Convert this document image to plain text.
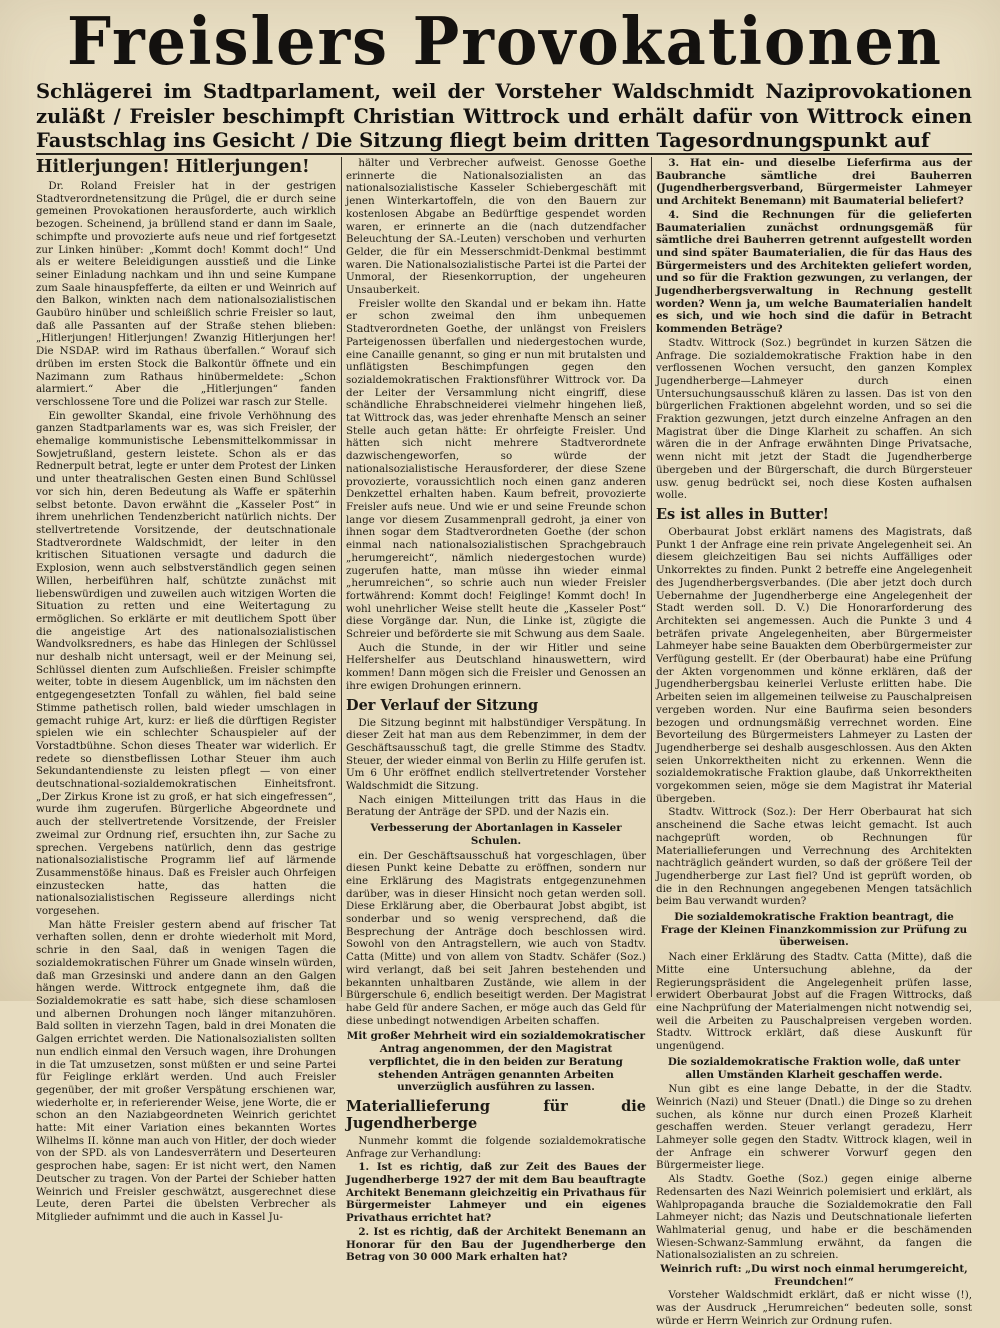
Freislers Provokationen
Schlägerei im Stadtparlament, weil der Vorsteher Waldschmidt Naziprovokationen zuläßt / Freisler beschimpft Christian Wittrock und erhält dafür von Wittrock einen Faustschlag ins Gesicht / Die Sitzung fliegt beim dritten Tagesordnungspunkt auf
Hitlerjungen! Hitlerjungen!

Dr. Roland Freisler hat in der gestrigen Stadtverordnetensitzung die Prügel, die er durch seine gemeinen Provokationen herausforderte, auch wirklich bezogen. Scheinend, ja brüllend stand er dann im Saale, schimpfte und provozierte aufs neue und rief fortgesetzt zur Linken hinüber: „Kommt doch! Kommt doch!“ Und als er weitere Beleidigungen ausstieß und die Linke seiner Einladung nachkam und ihn und seine Kumpane zum Saale hinauspfefferte, da eilten er und Weinrich auf den Balkon, winkten nach dem nationalsozialistischen Gaubüro hinüber und schleißlich schrie Freisler so laut, daß alle Passanten auf der Straße stehen blieben: „Hitlerjungen! Hitlerjungen! Zwanzig Hitlerjungen her! Die NSDAP. wird im Rathaus überfallen.“ Worauf sich drüben im ersten Stock die Balkontür öffnete und ein Nazimann zum Rathaus hinübermeldete: „Schon alarmiert.“ Aber die „Hitlerjungen“ fanden verschlossene Tore und die Polizei war rasch zur Stelle.

Ein gewollter Skandal, eine frivole Verhöhnung des ganzen Stadtparlaments war es, was sich Freisler, der ehemalige kommunistische Lebensmittelkommissar in Sowjetrußland, gestern leistete. Schon als er das Rednerpult betrat, legte er unter dem Protest der Linken und unter theatralischen Gesten einen Bund Schlüssel vor sich hin, deren Bedeutung als Waffe er späterhin selbst betonte. Davon erwähnt die „Kasseler Post“ in ihrem unehrlichen Tendenzbericht natürlich nichts. Der stellvertretende Vorsitzende, der deutschnationale Stadtverordnete Waldschmidt, der leiter in den kritischen Situationen versagte und dadurch die Explosion, wenn auch selbstverständlich gegen seinen Willen, herbeiführen half, schützte zunächst mit liebenswürdigen und zuweilen auch witzigen Worten die Situation zu retten und eine Weitertagung zu ermöglichen. So erklärte er mit deutlichem Spott über die angeistige Art des nationalsozialistischen Wandvolksredners, es habe das Hinlegen der Schlüssel nur deshalb nicht untersagt, weil er der Meinung sei, Schlüssel dienten zum Aufschließen. Freisler schimpfte weiter, tobte in diesem Augenblick, um im nächsten den entgegengesetzten Tonfall zu wählen, fiel bald seine Stimme pathetisch rollen, bald wieder umschlagen in gemacht ruhige Art, kurz: er ließ die dürftigen Register spielen wie ein schlechter Schauspieler auf der Vorstadtbühne. Schon dieses Theater war widerlich. Er redete so dienstbeflissen Lothar Steuer ihm auch Sekundantendienste zu leisten pflegt — von einer deutschnational-sozialdemokratischen Einheitsfront. „Der Zirkus Krone ist zu groß, er hat sich eingefressen“, wurde ihm zugerufen. Bürgerliche Abgeordnete und auch der stellvertretende Vorsitzende, der Freisler zweimal zur Ordnung rief, ersuchten ihn, zur Sache zu sprechen. Vergebens natürlich, denn das gestrige nationalsozialistische Programm lief auf lärmende Zusammenstöße hinaus. Daß es Freisler auch Ohrfeigen einzustecken hatte, das hatten die nationalsozialistischen Regisseure allerdings nicht vorgesehen.

Man hätte Freisler gestern abend auf frischer Tat verhaften sollen, denn er drohte wiederholt mit Mord, schrie in den Saal, daß in wenigen Tagen die sozialdemokratischen Führer um Gnade winseln würden, daß man Grzesinski und andere dann an den Galgen hängen werde. Wittrock entgegnete ihm, daß die Sozialdemokratie es satt habe, sich diese schamlosen und albernen Drohungen noch länger mitanzuhören. Bald sollten in vierzehn Tagen, bald in drei Monaten die Galgen errichtet werden. Die Nationalsozialisten sollten nun endlich einmal den Versuch wagen, ihre Drohungen in die Tat umzusetzen, sonst müßten er und seine Partei für Feiglinge erklärt werden. Und auch Freisler gegenüber, der mit großer Verspätung erschienen war, wiederholte er, in referierender Weise, jene Worte, die er schon an den Naziabgeordneten Weinrich gerichtet hatte: Mit einer Variation eines bekannten Wortes Wilhelms II. könne man auch von Hitler, der doch wieder von der SPD. als von Landesverrätern und Deserteuren gesprochen habe, sagen: Er ist nicht wert, den Namen Deutscher zu tragen. Von der Partei der Schieber hatten Weinrich und Freisler geschwätzt, ausgerechnet diese Leute, deren Partei die übelsten Verbrecher als Mitglieder aufnimmt und die auch in Kassel Ju-

hälter und Verbrecher aufweist. Genosse Goethe erinnerte die Nationalsozialisten an das nationalsozialistische Kasseler Schiebergeschäft mit jenen Winterkartoffeln, die von den Bauern zur kostenlosen Abgabe an Bedürftige gespendet worden waren, er erinnerte an die (nach dutzendfacher Beleuchtung der SA.-Leuten) verschoben und verhurten Gelder, die für ein Messerschmidt-Denkmal bestimmt waren. Die Nationalsozialistische Partei ist die Partei der Unmoral, der Riesenkorruption, der ungeheuren Unsauberkeit.

Freisler wollte den Skandal und er bekam ihn. Hatte er schon zweimal den ihm unbequemen Stadtverordneten Goethe, der unlängst von Freislers Parteigenossen überfallen und niedergestochen wurde, eine Canaille genannt, so ging er nun mit brutalsten und unflätigsten Beschimpfungen gegen den sozialdemokratischen Fraktionsführer Wittrock vor. Da der Leiter der Versammlung nicht eingriff, diese schändliche Ehrabschneiderei vielmehr hingehen ließ, tat Wittrock das, was jeder ehrenhafte Mensch an seiner Stelle auch getan hätte: Er ohrfeigte Freisler. Und hätten sich nicht mehrere Stadtverordnete dazwischengeworfen, so würde der nationalsozialistische Herausforderer, der diese Szene provozierte, voraussichtlich noch einen ganz anderen Denkzettel erhalten haben. Kaum befreit, provozierte Freisler aufs neue. Und wie er und seine Freunde schon lange vor diesem Zusammenprall gedroht, ja einer von ihnen sogar dem Stadtverordneten Goethe (der schon einmal nach nationalsozialistischen Sprachgebrauch „herumgereicht“, nämlich niedergestochen wurde) zugerufen hatte, man müsse ihn wieder einmal „herumreichen“, so schrie auch nun wieder Freisler fortwährend: Kommt doch! Feiglinge! Kommt doch! In wohl unehrlicher Weise stellt heute die „Kasseler Post“ diese Vorgänge dar. Nun, die Linke ist, zügigte die Schreier und beförderte sie mit Schwung aus dem Saale.

Auch die Stunde, in der wir Hitler und seine Helfershelfer aus Deutschland hinauswettern, wird kommen! Dann mögen sich die Freisler und Genossen an ihre ewigen Drohungen erinnern.

Der Verlauf der Sitzung

Die Sitzung beginnt mit halbstündiger Verspätung. In dieser Zeit hat man aus dem Rebenzimmer, in dem der Geschäftsausschuß tagt, die grelle Stimme des Stadtv. Steuer, der wieder einmal von Berlin zu Hilfe gerufen ist. Um 6 Uhr eröffnet endlich stellvertretender Vorsteher Waldschmidt die Sitzung.

Nach einigen Mitteilungen tritt das Haus in die Beratung der Anträge der SPD. und der Nazis ein.

Verbesserung der Abortanlagen in Kasseler Schulen.

ein. Der Geschäftsausschuß hat vorgeschlagen, über diesen Punkt keine Debatte zu eröffnen, sondern nur eine Erklärung des Magistrats entgegenzunehmen darüber, was in dieser Hinsicht noch getan werden soll. Diese Erklärung aber, die Oberbaurat Jobst abgibt, ist sonderbar und so wenig versprechend, daß die Besprechung der Anträge doch beschlossen wird. Sowohl von den Antragstellern, wie auch von Stadtv. Catta (Mitte) und von allem von Stadtv. Schäfer (Soz.) wird verlangt, daß bei seit Jahren bestehenden und bekannten unhaltbaren Zustände, wie allem in der Bürgerschule 6, endlich beseitigt werden. Der Magistrat habe Geld für andere Sachen, er möge auch das Geld für diese unbedingt notwendigen Arbeiten schaffen.

Mit großer Mehrheit wird ein sozialdemokratischer Antrag angenommen, der den Magistrat verpflichtet, die in den beiden zur Beratung stehenden Anträgen genannten Arbeiten unverzüglich ausführen zu lassen.
Materiallieferung für die Jugendherberge

Nunmehr kommt die folgende sozialdemokratische Anfrage zur Verhandlung:

1. Ist es richtig, daß zur Zeit des Baues der Jugendherberge 1927 der mit dem Bau beauftragte Architekt Benemann gleichzeitig ein Privathaus für Bürgermeister Lahmeyer und ein eigenes Privathaus errichtet hat?

2. Ist es richtig, daß der Architekt Benemann an Honorar für den Bau der Jugendherberge den Betrag von 30 000 Mark erhalten hat?

3. Hat ein- und dieselbe Lieferfirma aus der Baubranche sämtliche drei Bauherren (Jugendherbergsverband, Bürgermeister Lahmeyer und Architekt Benemann) mit Baumaterial beliefert?

4. Sind die Rechnungen für die gelieferten Baumaterialien zunächst ordnungsgemäß für sämtliche drei Bauherren getrennt aufgestellt worden und sind später Baumaterialien, die für das Haus des Bürgermeisters und des Architekten geliefert worden, und so für die Fraktion gezwungen, zu verlangen, der Jugendherbergsverwaltung in Rechnung gestellt worden? Wenn ja, um welche Baumaterialien handelt es sich, und wie hoch sind die dafür in Betracht kommenden Beträge?

Stadtv. Wittrock (Soz.) begründet in kurzen Sätzen die Anfrage. Die sozialdemokratische Fraktion habe in den verflossenen Wochen versucht, den ganzen Komplex Jugendherberge—Lahmeyer durch einen Untersuchungsausschuß klären zu lassen. Das ist von den bürgerlichen Fraktionen abgelehnt worden, und so sei die Fraktion gezwungen, jetzt durch einzelne Anfragen an den Magistrat über die Dinge Klarheit zu schaffen. An sich wären die in der Anfrage erwähnten Dinge Privatsache, wenn nicht mit jetzt der Stadt die Jugendherberge übergeben und der Bürgerschaft, die durch Bürgersteuer usw. genug bedrückt sei, noch diese Kosten aufhalsen wolle.

Es ist alles in Butter!

Oberbaurat Jobst erklärt namens des Magistrats, daß Punkt 1 der Anfrage eine rein private Angelegenheit sei. An diesem gleichzeitigen Bau sei nichts Auffälliges oder Unkorrektes zu finden. Punkt 2 betreffe eine Angelegenheit des Jugendherbergsverbandes. (Die aber jetzt doch durch Uebernahme der Jugendherberge eine Angelegenheit der Stadt werden soll. D. V.) Die Honorarforderung des Architekten sei angemessen. Auch die Punkte 3 und 4 beträfen private Angelegenheiten, aber Bürgermeister Lahmeyer habe seine Bauakten dem Oberbürgermeister zur Verfügung gestellt. Er (der Oberbaurat) habe eine Prüfung der Akten vorgenommen und könne erklären, daß der Jugendherbergsbau keinerlei Verluste erlitten habe. Die Arbeiten seien im allgemeinen teilweise zu Pauschalpreisen vergeben worden. Nur eine Baufirma seien besonders bezogen und ordnungsmäßig verrechnet worden. Eine Bevorteilung des Bürgermeisters Lahmeyer zu Lasten der Jugendherberge sei deshalb ausgeschlossen. Aus den Akten seien Unkorrektheiten nicht zu erkennen. Wenn die sozialdemokratische Fraktion glaube, daß Unkorrektheiten vorgekommen seien, möge sie dem Magistrat ihr Material übergeben.

Stadtv. Wittrock (Soz.): Der Herr Oberbaurat hat sich anscheinend die Sache etwas leicht gemacht. Ist auch nachgeprüft worden, ob Rechnungen für Materiallieferungen und Verrechnung des Architekten nachträglich geändert wurden, so daß der größere Teil der Jugendherberge zur Last fiel? Und ist geprüft worden, ob die in den Rechnungen angegebenen Mengen tatsächlich beim Bau verwandt wurden?

Die sozialdemokratische Fraktion beantragt, die Frage der Kleinen Finanzkommission zur Prüfung zu überweisen.

Nach einer Erklärung des Stadtv. Catta (Mitte), daß die Mitte eine Untersuchung ablehne, da der Regierungspräsident die Angelegenheit prüfen lasse, erwidert Oberbaurat Jobst auf die Fragen Wittrocks, daß eine Nachprüfung der Materialmengen nicht notwendig sei, weil die Arbeiten zu Pauschalpreisen vergeben worden. Stadtv. Wittrock erklärt, daß diese Auskunft für ungenügend.

Die sozialdemokratische Fraktion wolle, daß unter allen Umständen Klarheit geschaffen werde.

Nun gibt es eine lange Debatte, in der die Stadtv. Weinrich (Nazi) und Steuer (Dnatl.) die Dinge so zu drehen suchen, als könne nur durch einen Prozeß Klarheit geschaffen werden. Steuer verlangt geradezu, Herr Lahmeyer solle gegen den Stadtv. Wittrock klagen, weil in der Anfrage ein schwerer Vorwurf gegen den Bürgermeister liege.

Als Stadtv. Goethe (Soz.) gegen einige alberne Redensarten des Nazi Weinrich polemisiert und erklärt, als Wahlpropaganda brauche die Sozialdemokratie den Fall Lahmeyer nicht; das Nazis und Deutschnationale lieferten Wahlmaterial genug, und habe er die beschämenden Wiesen-Schwanz-Sammlung erwähnt, da fangen die Nationalsozialisten an zu schreien.

Weinrich ruft: „Du wirst noch einmal herumgereicht, Freundchen!“

Vorsteher Waldschmidt erklärt, daß er nicht wisse (!), was der Ausdruck „Herumreichen“ bedeuten solle, sonst würde er Herrn Weinrich zur Ordnung rufen.
